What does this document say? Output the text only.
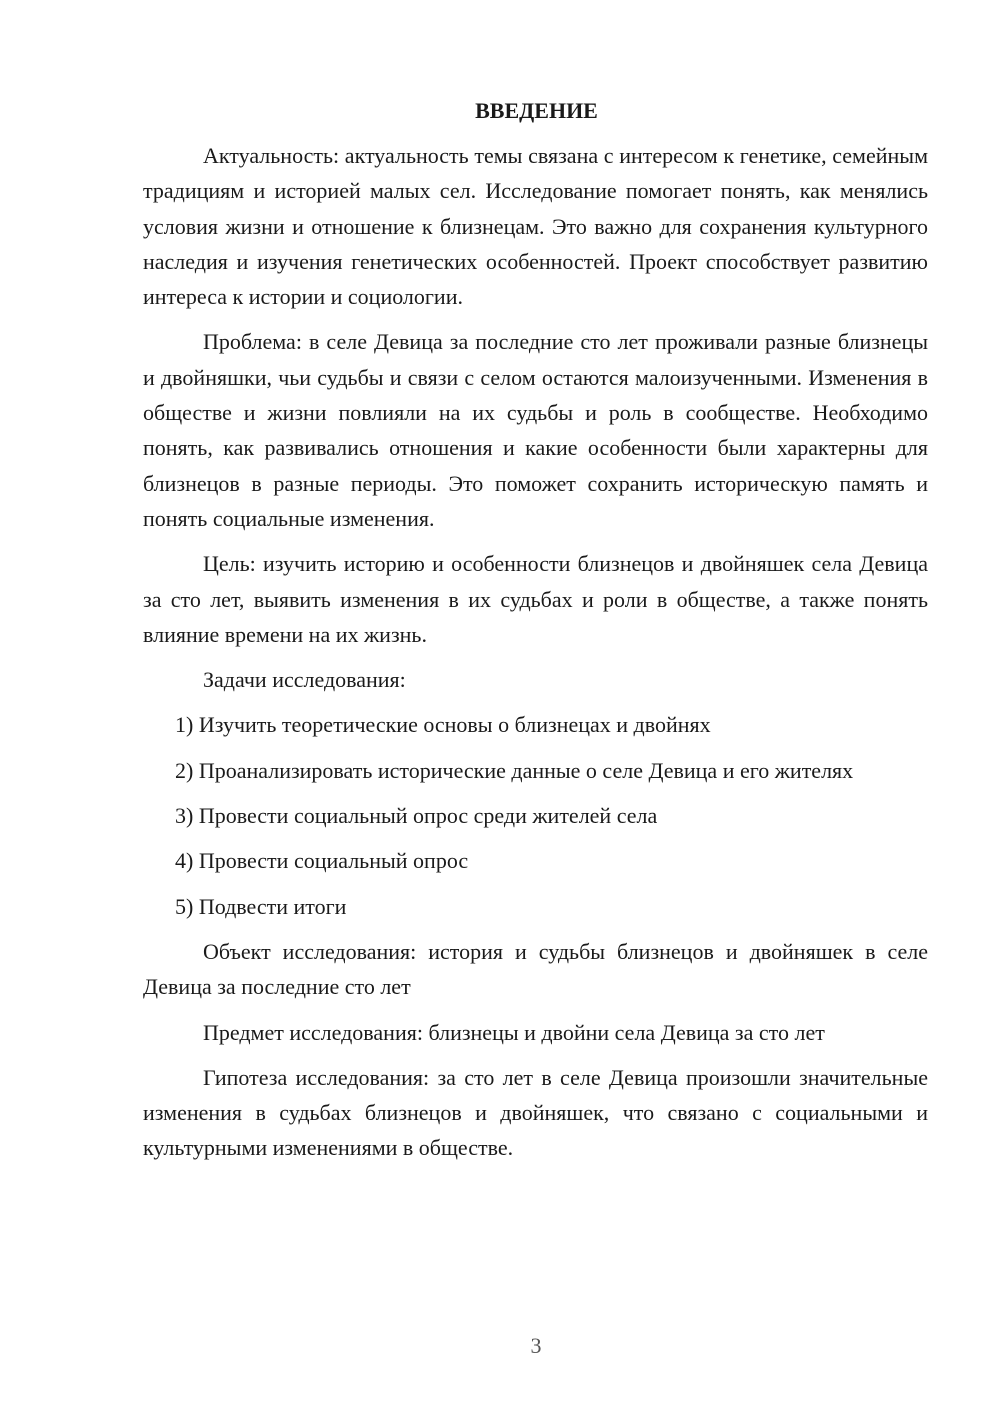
ВВЕДЕНИЕ

Актуальность: актуальность темы связана с интересом к генетике, семейным традициям и историей малых сел. Исследование помогает понять, как менялись условия жизни и отношение к близнецам. Это важно для сохранения культурного наследия и изучения генетических особенностей. Проект способствует развитию интереса к истории и социологии.

Проблема: в селе Девица за последние сто лет проживали разные близнецы и двойняшки, чьи судьбы и связи с селом остаются малоизученными. Изменения в обществе и жизни повлияли на их судьбы и роль в сообществе. Необходимо понять, как развивались отношения и какие особенности были характерны для близнецов в разные периоды. Это поможет сохранить историческую память и понять социальные изменения.

Цель: изучить историю и особенности близнецов и двойняшек села Девица за сто лет, выявить изменения в их судьбах и роли в обществе, а также понять влияние времени на их жизнь.

Задачи исследования:

1) Изучить теоретические основы о близнецах и двойнях

2) Проанализировать исторические данные о селе Девица и его жителях

3) Провести социальный опрос среди жителей села

4) Провести социальный опрос

5) Подвести итоги

Объект исследования: история и судьбы близнецов и двойняшек в селе Девица за последние сто лет

Предмет исследования: близнецы и двойни села Девица за сто лет

Гипотеза исследования: за сто лет в селе Девица произошли значительные изменения в судьбах близнецов и двойняшек, что связано с социальными и культурными изменениями в обществе.

3
